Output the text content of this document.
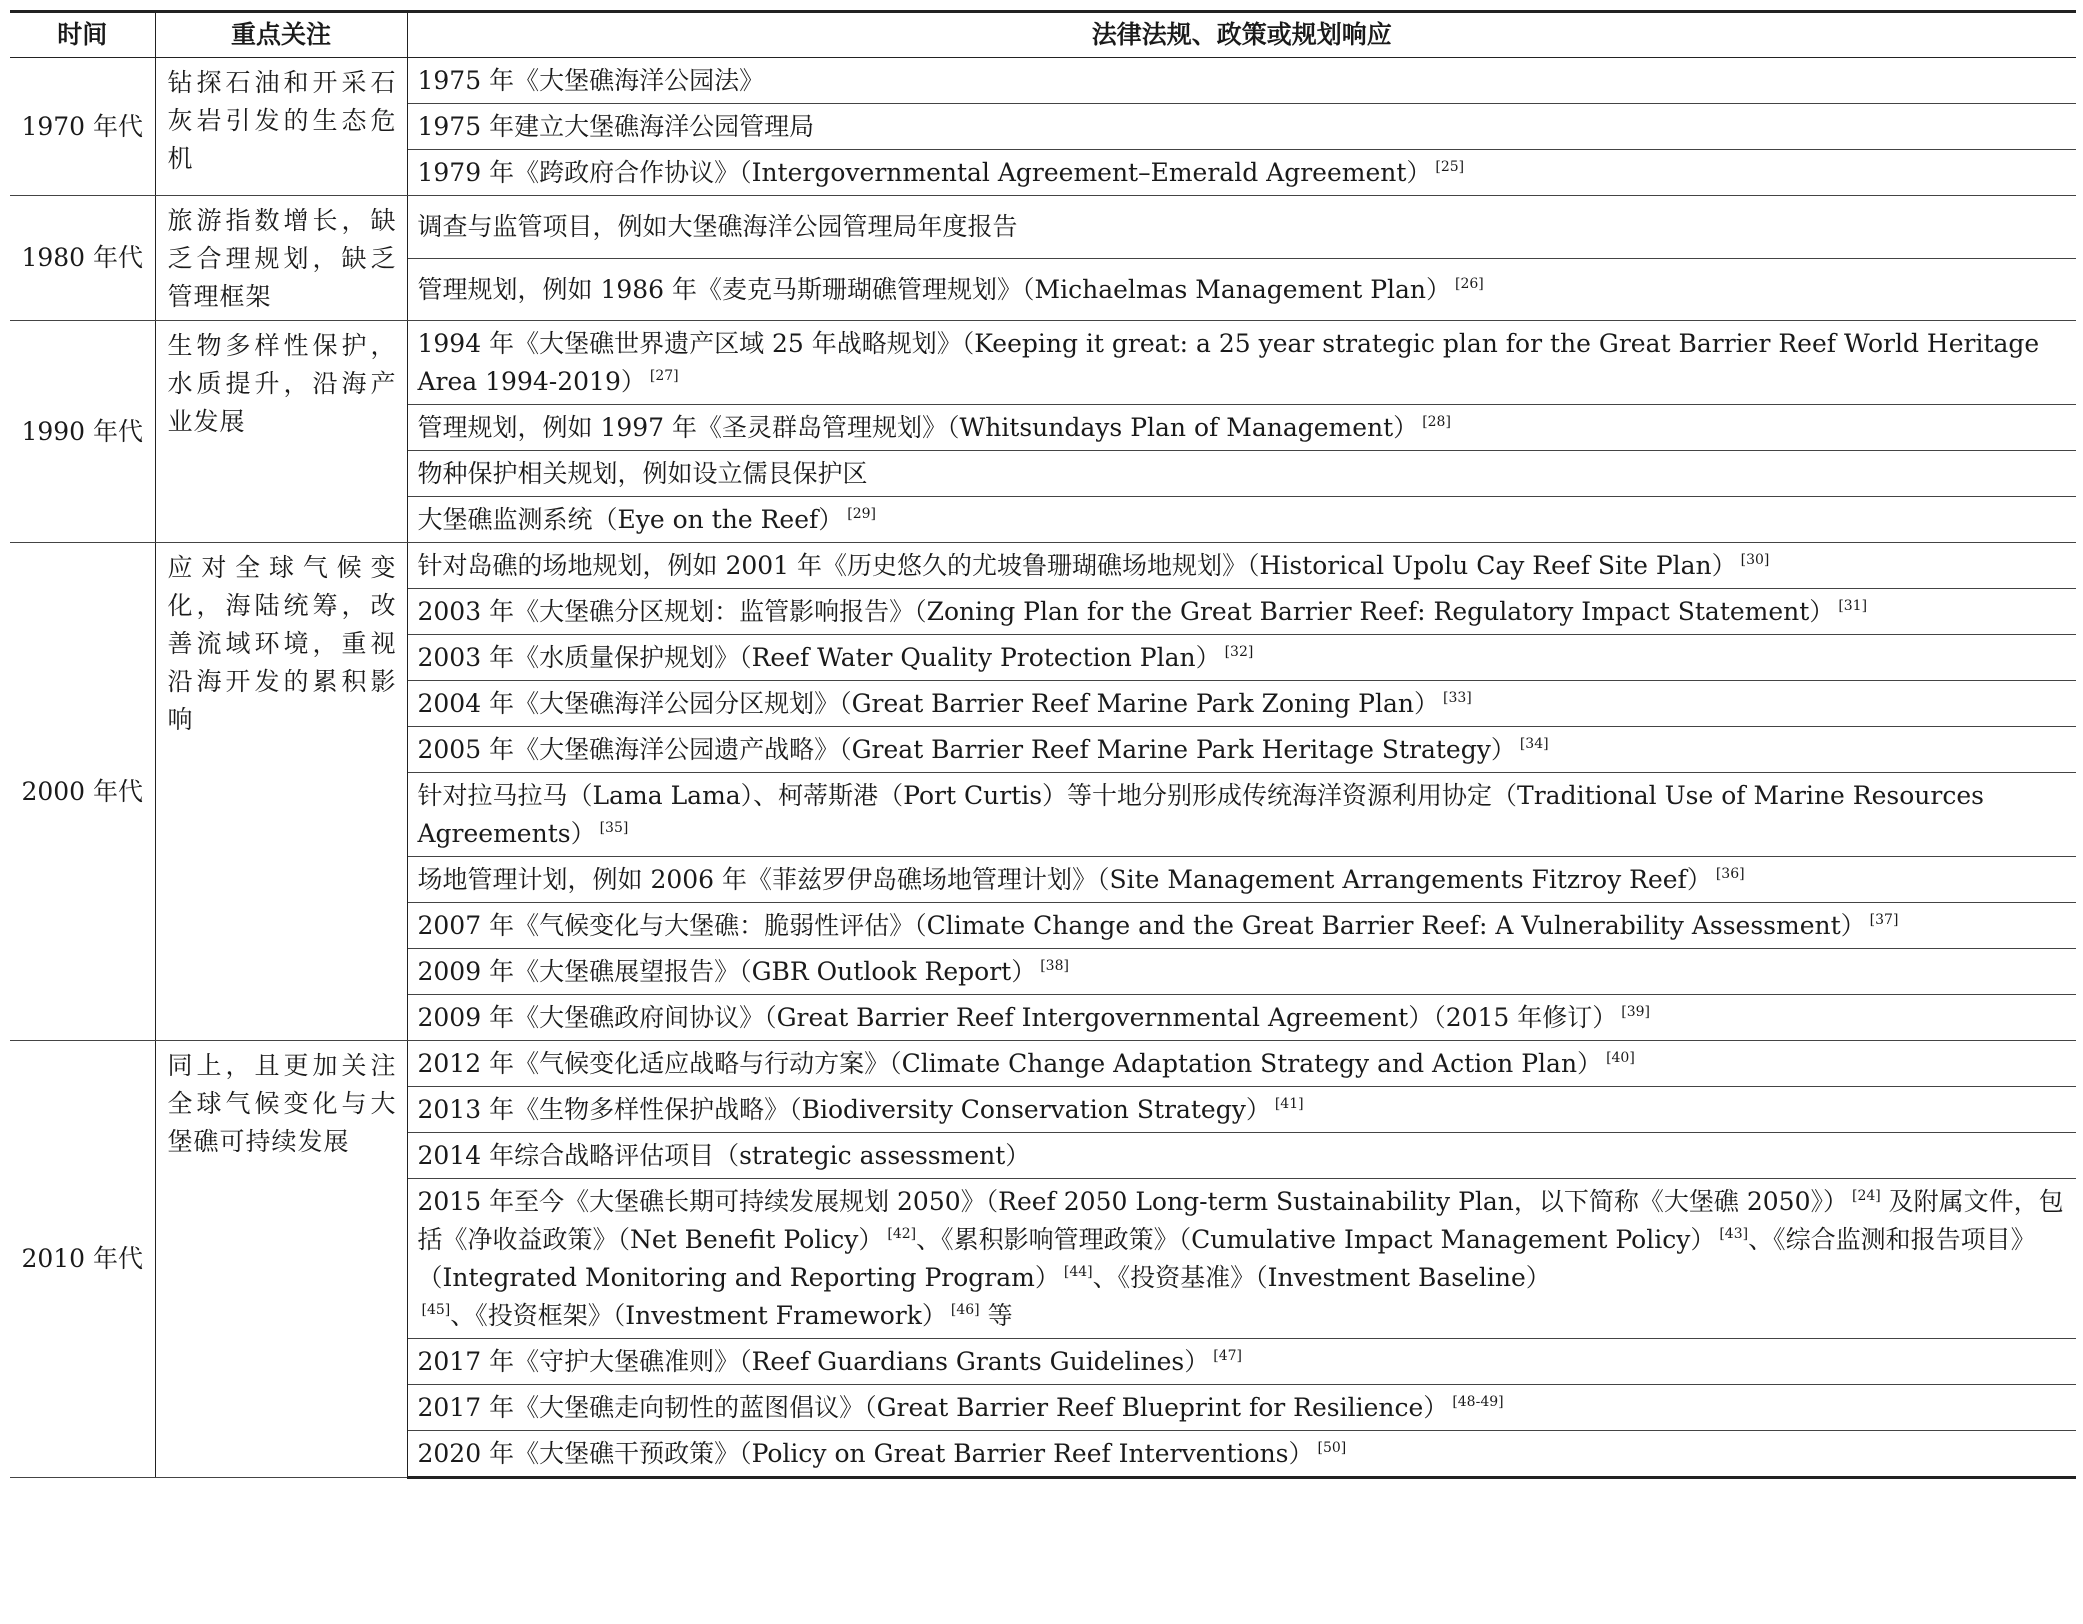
时间	重点关注	法律法规、政策或规划响应
1970 年代	钻探石油和开采石灰岩引发的生态危机	1975 年《大堡礁海洋公园法》
		1975 年建立大堡礁海洋公园管理局
		1979 年《跨政府合作协议》（Intergovernmental Agreement–Emerald Agreement） [25]
1980 年代	旅游指数增长，缺乏合理规划，缺乏管理框架	调查与监管项目，例如大堡礁海洋公园管理局年度报告
		管理规划，例如 1986 年《麦克马斯珊瑚礁管理规划》（Michaelmas Management Plan） [26]
1990 年代	生物多样性保护，水质提升，沿海产业发展	1994 年《大堡礁世界遗产区域 25 年战略规划》（Keeping it great: a 25 year strategic plan for the Great Barrier Reef World Heritage Area 1994-2019） [27]
		管理规划，例如 1997 年《圣灵群岛管理规划》（Whitsundays Plan of Management） [28]
		物种保护相关规划，例如设立儒艮保护区
		大堡礁监测系统（Eye on the Reef） [29]
2000 年代	应对全球气候变化，海陆统筹，改善流域环境，重视沿海开发的累积影响	针对岛礁的场地规划，例如 2001 年《历史悠久的尤坡鲁珊瑚礁场地规划》（Historical Upolu Cay Reef Site Plan） [30]
		2003 年《大堡礁分区规划：监管影响报告》（Zoning Plan for the Great Barrier Reef: Regulatory Impact Statement） [31]
		2003 年《水质量保护规划》（Reef Water Quality Protection Plan） [32]
		2004 年《大堡礁海洋公园分区规划》（Great Barrier Reef Marine Park Zoning Plan） [33]
		2005 年《大堡礁海洋公园遗产战略》（Great Barrier Reef Marine Park Heritage Strategy） [34]
		针对拉马拉马（Lama Lama）、柯蒂斯港（Port Curtis）等十地分别形成传统海洋资源利用协定（Traditional Use of Marine Resources Agreements） [35]
		场地管理计划，例如 2006 年《菲兹罗伊岛礁场地管理计划》（Site Management Arrangements Fitzroy Reef） [36]
		2007 年《气候变化与大堡礁：脆弱性评估》（Climate Change and the Great Barrier Reef: A Vulnerability Assessment） [37]
		2009 年《大堡礁展望报告》（GBR Outlook Report） [38]
		2009 年《大堡礁政府间协议》（Great Barrier Reef Intergovernmental Agreement）（2015 年修订） [39]
2010 年代	同上，且更加关注全球气候变化与大堡礁可持续发展	2012 年《气候变化适应战略与行动方案》（Climate Change Adaptation Strategy and Action Plan） [40]
		2013 年《生物多样性保护战略》（Biodiversity Conservation Strategy） [41]
		2014 年综合战略评估项目（strategic assessment）
		2015 年至今《大堡礁长期可持续发展规划 2050》（Reef 2050 Long-term Sustainability Plan，以下简称《大堡礁 2050》） [24] 及附属文件，包括《净收益政策》（Net Benefit Policy） [42]、《累积影响管理政策》（Cumulative Impact Management Policy） [43]、《综合监测和报告项目》（Integrated Monitoring and Reporting Program） [44]、《投资基准》（Investment Baseline）[45]、《投资框架》（Investment Framework） [46] 等
		2017 年《守护大堡礁准则》（Reef Guardians Grants Guidelines） [47]
		2017 年《大堡礁走向韧性的蓝图倡议》（Great Barrier Reef Blueprint for Resilience） [48-49]
		2020 年《大堡礁干预政策》（Policy on Great Barrier Reef Interventions） [50]
